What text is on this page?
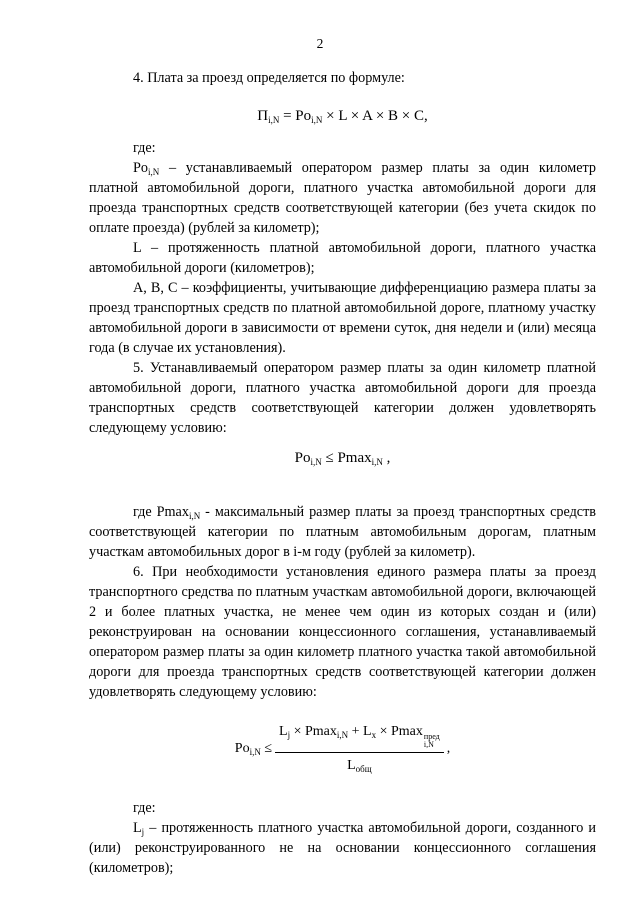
2

4. Плата за проезд определяется по формуле:

$П_{i,N} = Po_{i,N} \times L \times A \times B \times C$,

где:

$Po_{i,N}$ – устанавливаемый оператором размер платы за один километр платной автомобильной дороги, платного участка автомобильной дороги для проезда транспортных средств соответствующей категории (без учета скидок по оплате проезда) (рублей за километр);

L – протяженность платной автомобильной дороги, платного участка автомобильной дороги (километров);

A, B, C – коэффициенты, учитывающие дифференциацию размера платы за проезд транспортных средств по платной автомобильной дороге, платному участку автомобильной дороги в зависимости от времени суток, дня недели и (или) месяца года (в случае их установления).

5. Устанавливаемый оператором размер платы за один километр платной автомобильной дороги, платного участка автомобильной дороги для проезда транспортных средств соответствующей категории должен удовлетворять следующему условию:

$Po_{i,N} \le Pmax_{i,N}$ ,

где Pmax$_{i,N}$ - максимальный размер платы за проезд транспортных средств соответствующей категории по платным автомобильным дорогам, платным участкам автомобильных дорог в i-м году (рублей за километр).

6. При необходимости установления единого размера платы за проезд транспортного средства по платным участкам автомобильной дороги, включающей 2 и более платных участка, не менее чем один из которых создан и (или) реконструирован на основании концессионного соглашения, устанавливаемый оператором размер платы за один километр платного участка такой автомобильной дороги для проезда транспортных средств соответствующей категории должен удовлетворять следующему условию:

$Po_{i,N} \le L_j \times Pmax_{i,N} + L_x \times Pmax$ пред
i,N
$L_{общ}$ ,

где:

$L_j$ – протяженность платного участка автомобильной дороги, созданного и (или) реконструированного не на основании концессионного соглашения (километров);
